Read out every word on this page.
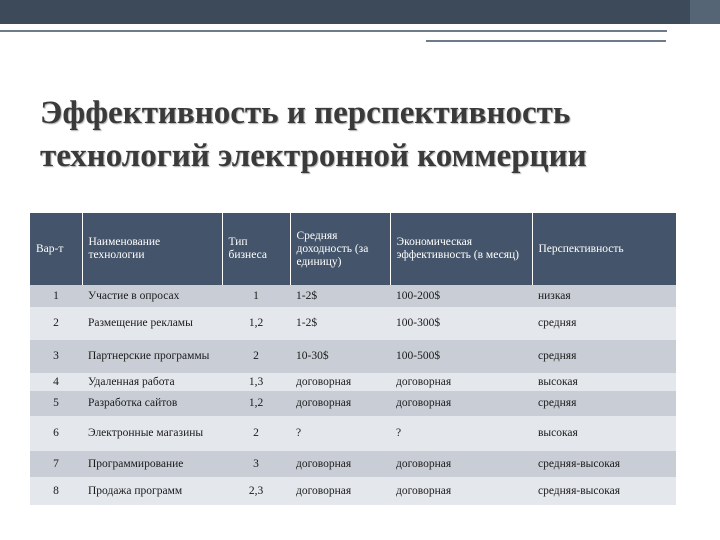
Эффективность и перспективность технологий электронной коммерции
Вар-т	Наименование технологии	Тип бизнеса	Средняя доходность (за единицу)	Экономическая эффективность (в месяц)	Перспективность
1	Участие в опросах	1	1-2$	100-200$	низкая
2	Размещение рекламы	1,2	1-2$	100-300$	средняя
3	Партнерские программы	2	10-30$	100-500$	средняя
4	Удаленная работа	1,3	договорная	договорная	высокая
5	Разработка сайтов	1,2	договорная	договорная	средняя
6	Электронные магазины	2	?	?	высокая
7	Программирование	3	договорная	договорная	средняя-высокая
8	Продажа программ	2,3	договорная	договорная	средняя-высокая
